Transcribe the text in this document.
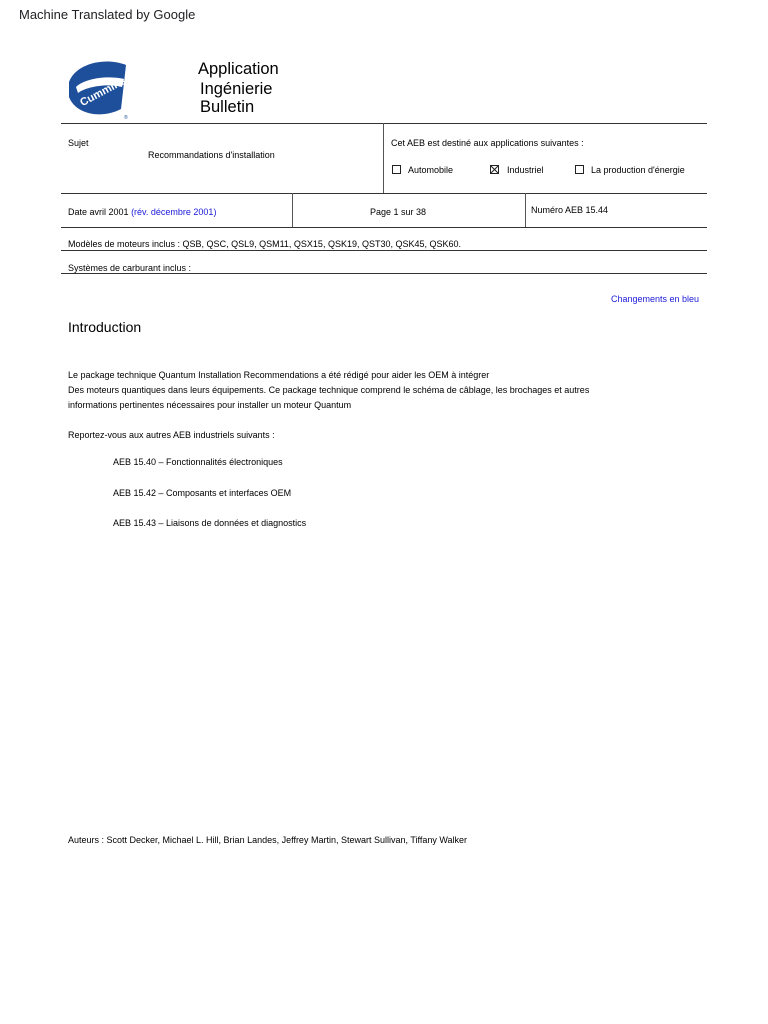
Machine Translated by Google
Cummins
®
Application
Ingénierie
Bulletin
Sujet
Recommandations d'installation
Cet AEB est destiné aux applications suivantes :
Automobile	Industriel	La production d'énergie
Date avril 2001 (rév. décembre 2001)	Page 1 sur 38	Numéro AEB 15.44
Modèles de moteurs inclus : QSB, QSC, QSL9, QSM11, QSX15, QSK19, QST30, QSK45, QSK60.
Systèmes de carburant inclus :
Changements en bleu
Introduction
Le package technique Quantum Installation Recommendations a été rédigé pour aider les OEM à intégrer
Des moteurs quantiques dans leurs équipements. Ce package technique comprend le schéma de câblage, les brochages et autres
informations pertinentes nécessaires pour installer un moteur Quantum
Reportez-vous aux autres AEB industriels suivants :
AEB 15.40 – Fonctionnalités électroniques
AEB 15.42 – Composants et interfaces OEM
AEB 15.43 – Liaisons de données et diagnostics
Auteurs : Scott Decker, Michael L. Hill, Brian Landes, Jeffrey Martin, Stewart Sullivan, Tiffany Walker
